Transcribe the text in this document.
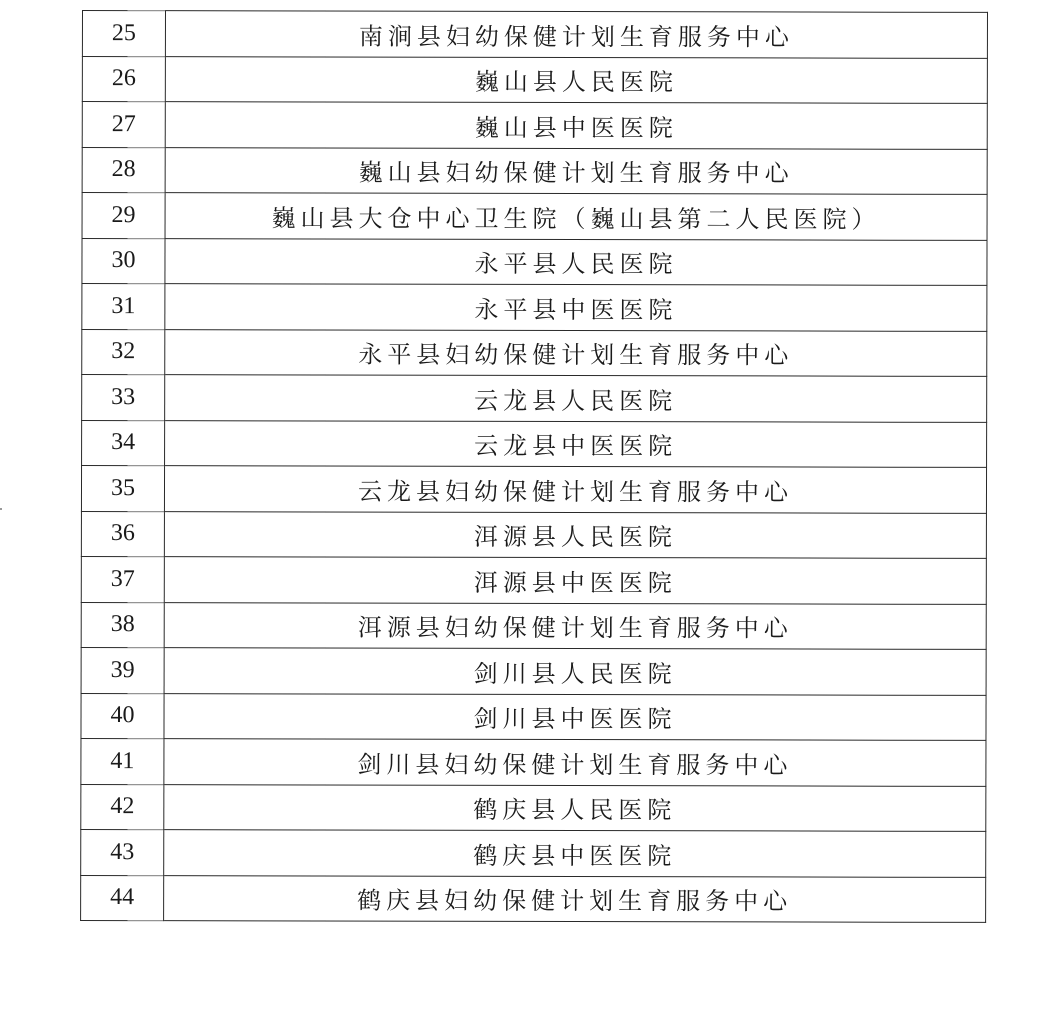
25	南涧县妇幼保健计划生育服务中心
26	巍山县人民医院
27	巍山县中医医院
28	巍山县妇幼保健计划生育服务中心
29	巍山县大仓中心卫生院（巍山县第二人民医院）
30	永平县人民医院
31	永平县中医医院
32	永平县妇幼保健计划生育服务中心
33	云龙县人民医院
34	云龙县中医医院
35	云龙县妇幼保健计划生育服务中心
36	洱源县人民医院
37	洱源县中医医院
38	洱源县妇幼保健计划生育服务中心
39	剑川县人民医院
40	剑川县中医医院
41	剑川县妇幼保健计划生育服务中心
42	鹤庆县人民医院
43	鹤庆县中医医院
44	鹤庆县妇幼保健计划生育服务中心
